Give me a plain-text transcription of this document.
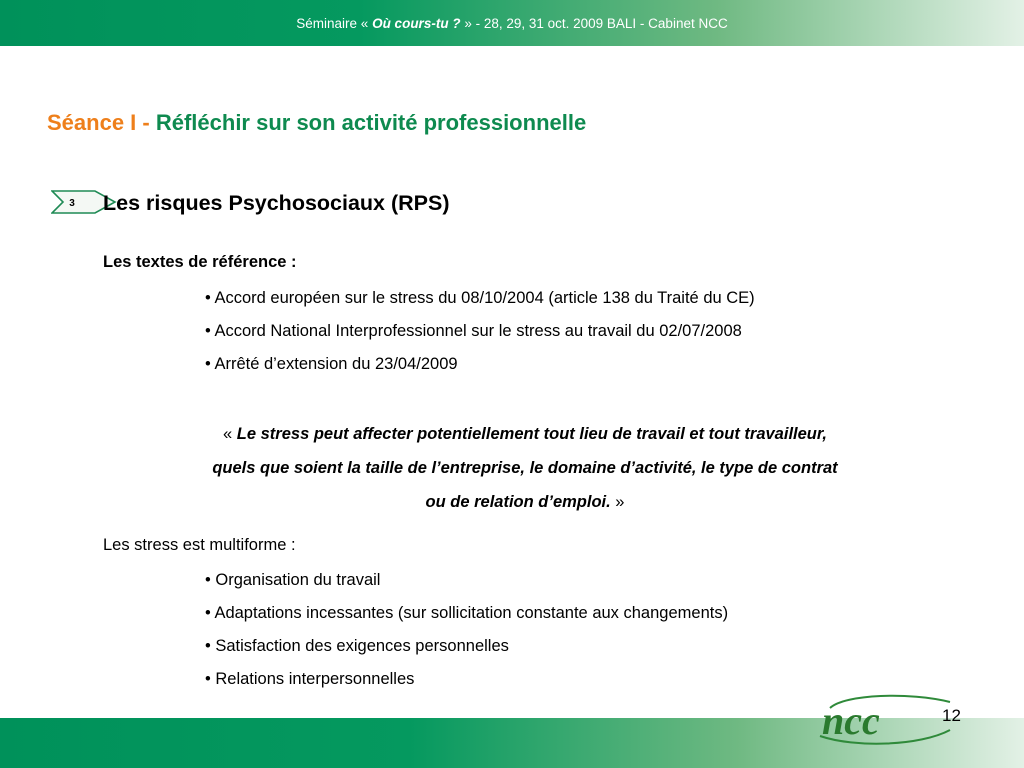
Séminaire « Où cours-tu ? » - 28, 29, 31 oct. 2009 BALI - Cabinet NCC
Séance I - Réfléchir sur son activité professionnelle
3 Les risques Psychosociaux (RPS)
Les textes de référence :
• Accord européen sur le stress du 08/10/2004 (article 138 du Traité du CE)
• Accord National Interprofessionnel sur le stress au travail du 02/07/2008
• Arrêté d’extension du 23/04/2009
« Le stress peut affecter potentiellement tout lieu de travail et tout travailleur,
quels que soient la taille de l’entreprise, le domaine d’activité, le type de contrat
ou de relation d’emploi. »
Les stress est multiforme :
• Organisation du travail
• Adaptations incessantes (sur sollicitation constante aux changements)
• Satisfaction des exigences personnelles
• Relations interpersonnelles
ncc	12
